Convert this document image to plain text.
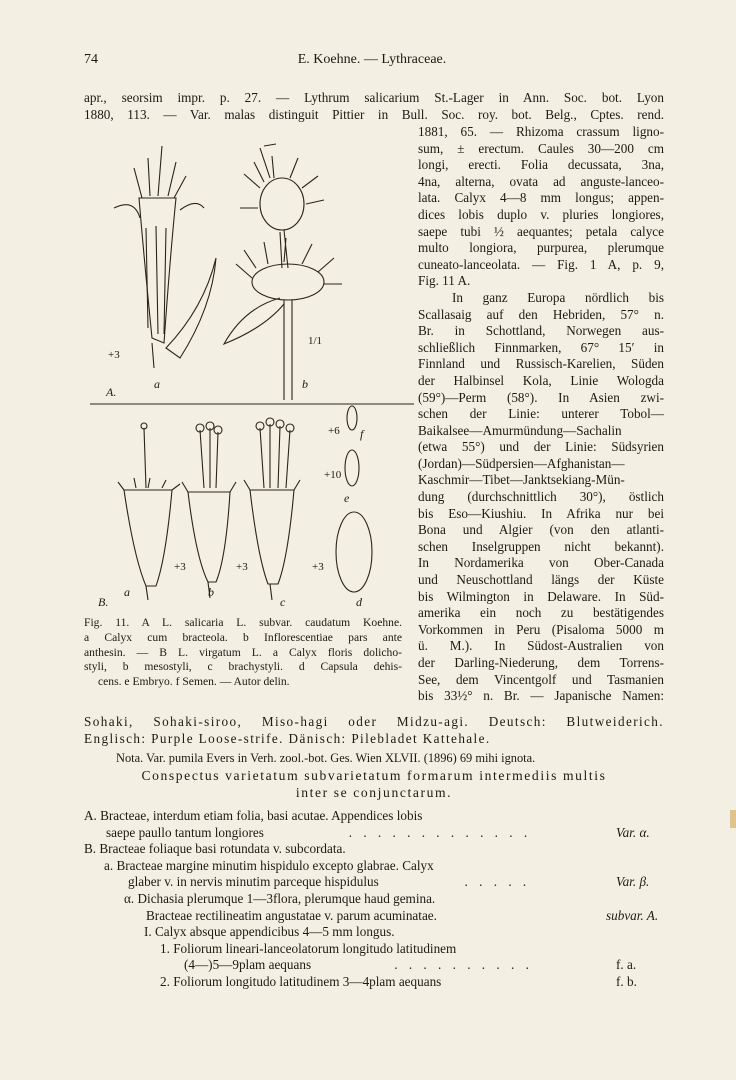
74	E. Koehne. — Lythraceae.
apr., seorsim impr. p. 27. — Lythrum salicarium St.-Lager in Ann. Soc. bot. Lyon
1880, 113. — Var. malas distinguit Pittier in Bull. Soc. roy. bot. Belg., Cptes. rend.
+3
A.
a
1/1
b
+6 f
+10
e
+3	+3	+3
B.
a	b
c	d
1881, 65. — Rhizoma crassum ligno-
sum, ± erectum. Caules 30—200 cm
longi, erecti. Folia decussata, 3na,
4na, alterna, ovata ad anguste-lanceo-
lata. Calyx 4—8 mm longus; appen-
dices lobis duplo v. pluries longiores,
saepe tubi ½ aequantes; petala calyce
multo longiora, purpurea, plerumque
cuneato-lanceolata. — Fig. 1 A, p. 9,
Fig. 11 A.
In ganz Europa nördlich bis
Scallasaig auf den Hebriden, 57° n.
Br. in Schottland, Norwegen aus-
schließlich Finnmarken, 67° 15′ in
Finnland und Russisch-Karelien, Süden
der Halbinsel Kola, Linie Wologda
(59°)—Perm (58°). In Asien zwi-
schen der Linie: unterer Tobol—
Baikalsee—Amurmündung—Sachalin
(etwa 55°) und der Linie: Südsyrien
(Jordan)—Südpersien—Afghanistan—
Kaschmir—Tibet—Janktsekiang-Mün-
dung (durchschnittlich 30°), östlich
bis Eso—Kiushiu. In Afrika nur bei
Bona und Algier (von den atlanti-
schen Inselgruppen nicht bekannt).
In Nordamerika von Ober-Canada
und Neuschottland längs der Küste
bis Wilmington in Delaware. In Süd-
amerika ein noch zu bestätigendes
Vorkommen in Peru (Pisaloma 5000 m
ü. M.). In Südost-Australien von
der Darling-Niederung, dem Torrens-
See, dem Vincentgolf und Tasmanien
bis 33½° n. Br. — Japanische Namen:
Fig. 11. A L. salicaria L. subvar. caudatum Koehne.
a Calyx cum bracteola. b Inflorescentiae pars ante
anthesin. — B L. virgatum L. a Calyx floris dolicho-
styli, b mesostyli, c brachystyli. d Capsula dehis-
cens. e Embryo. f Semen. — Autor delin.
Sohaki, Sohaki-siroo, Miso-hagi oder Midzu-agi. Deutsch: Blutweiderich.
Englisch: Purple Loose-strife. Dänisch: Pilebladet Kattehale.
Nota. Var. pumila Evers in Verh. zool.-bot. Ges. Wien XLVII. (1896) 69 mihi ignota.
Conspectus varietatum subvarietatum formarum intermediis multis
inter se conjunctarum.
A. Bracteae, interdum etiam folia, basi acutae. Appendices lobis
saepe paullo tantum longiores	. . . . . . . . . . . . .	Var. α.
B. Bracteae foliaque basi rotundata v. subcordata.
a. Bracteae margine minutim hispidulo excepto glabrae. Calyx
glaber v. in nervis minutim parceque hispidulus	. . . . .	Var. β.
α. Dichasia plerumque 1—3flora, plerumque haud gemina.
Bracteae rectilineatim angustatae v. parum acuminatae.	subvar. A.
I. Calyx absque appendicibus 4—5 mm longus.
1. Foliorum lineari-lanceolatorum longitudo latitudinem
(4—)5—9plam aequans	. . . . . . . . . .	f. a.
2. Foliorum longitudo latitudinem 3—4plam aequans	f. b.
